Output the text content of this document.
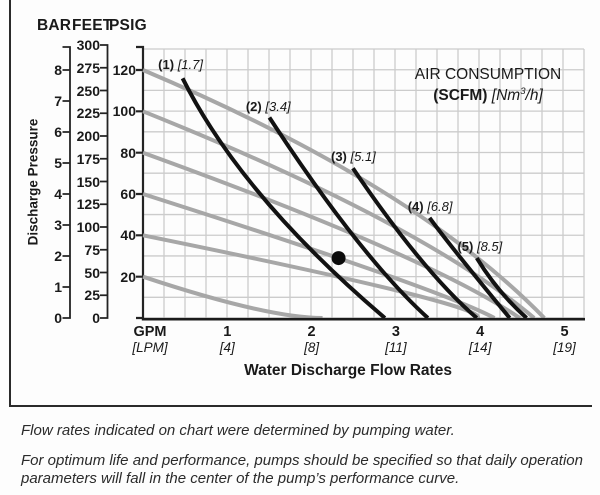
BAR FEET
PSIG
Discharge Pressure
AIR CONSUMPTION
(SCFM) [Nm$^3$/h]
8
7
6
5
4
3
2
1
0
300
275
250
225
200
175
150
125
100
75
50
25
0
120
100
80
60
40
20
(1) [1.7]
(2) [3.4]
(3) [5.1]
(4) [6.8]
(5) [8.5]
GPM
[LPM]
1
[4]
2
[8]
3
[11]
4
[14]
5
[19]
Water Discharge Flow Rates
Flow rates indicated on chart were determined by pumping water.
For optimum life and performance, pumps should be specified so that daily operation parameters will fall in the center of the pump’s performance curve.
